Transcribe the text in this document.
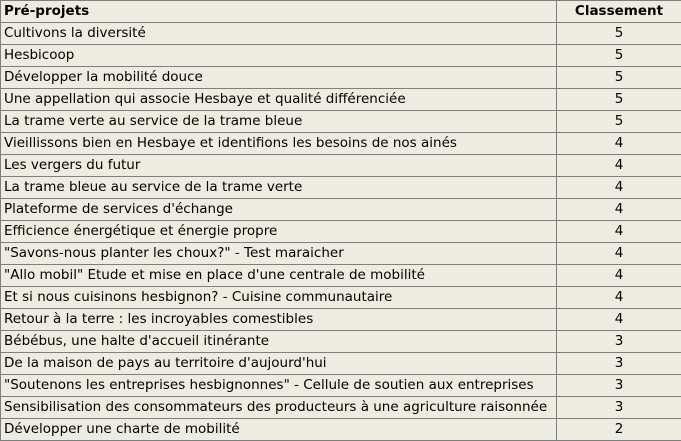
Pré-projets	Classement
Cultivons la diversité	5
Hesbicoop	5
Développer la mobilité douce	5
Une appellation qui associe Hesbaye et qualité différenciée	5
La trame verte au service de la trame bleue	5
Vieillissons bien en Hesbaye et identifions les besoins de nos ainés	4
Les vergers du futur	4
La trame bleue au service de la trame verte	4
Plateforme de services d'échange	4
Efficience énergétique et énergie propre	4
"Savons-nous planter les choux?" - Test maraicher	4
"Allo mobil" Etude et mise en place d'une centrale de mobilité	4
Et si nous cuisinons hesbignon? - Cuisine communautaire	4
Retour à la terre : les incroyables comestibles	4
Bébébus, une halte d'accueil itinérante	3
De la maison de pays au territoire d'aujourd'hui	3
"Soutenons les entreprises hesbignonnes" - Cellule de soutien aux entreprises	3
Sensibilisation des consommateurs des producteurs à une agriculture raisonnée	3
Développer une charte de mobilité	2
